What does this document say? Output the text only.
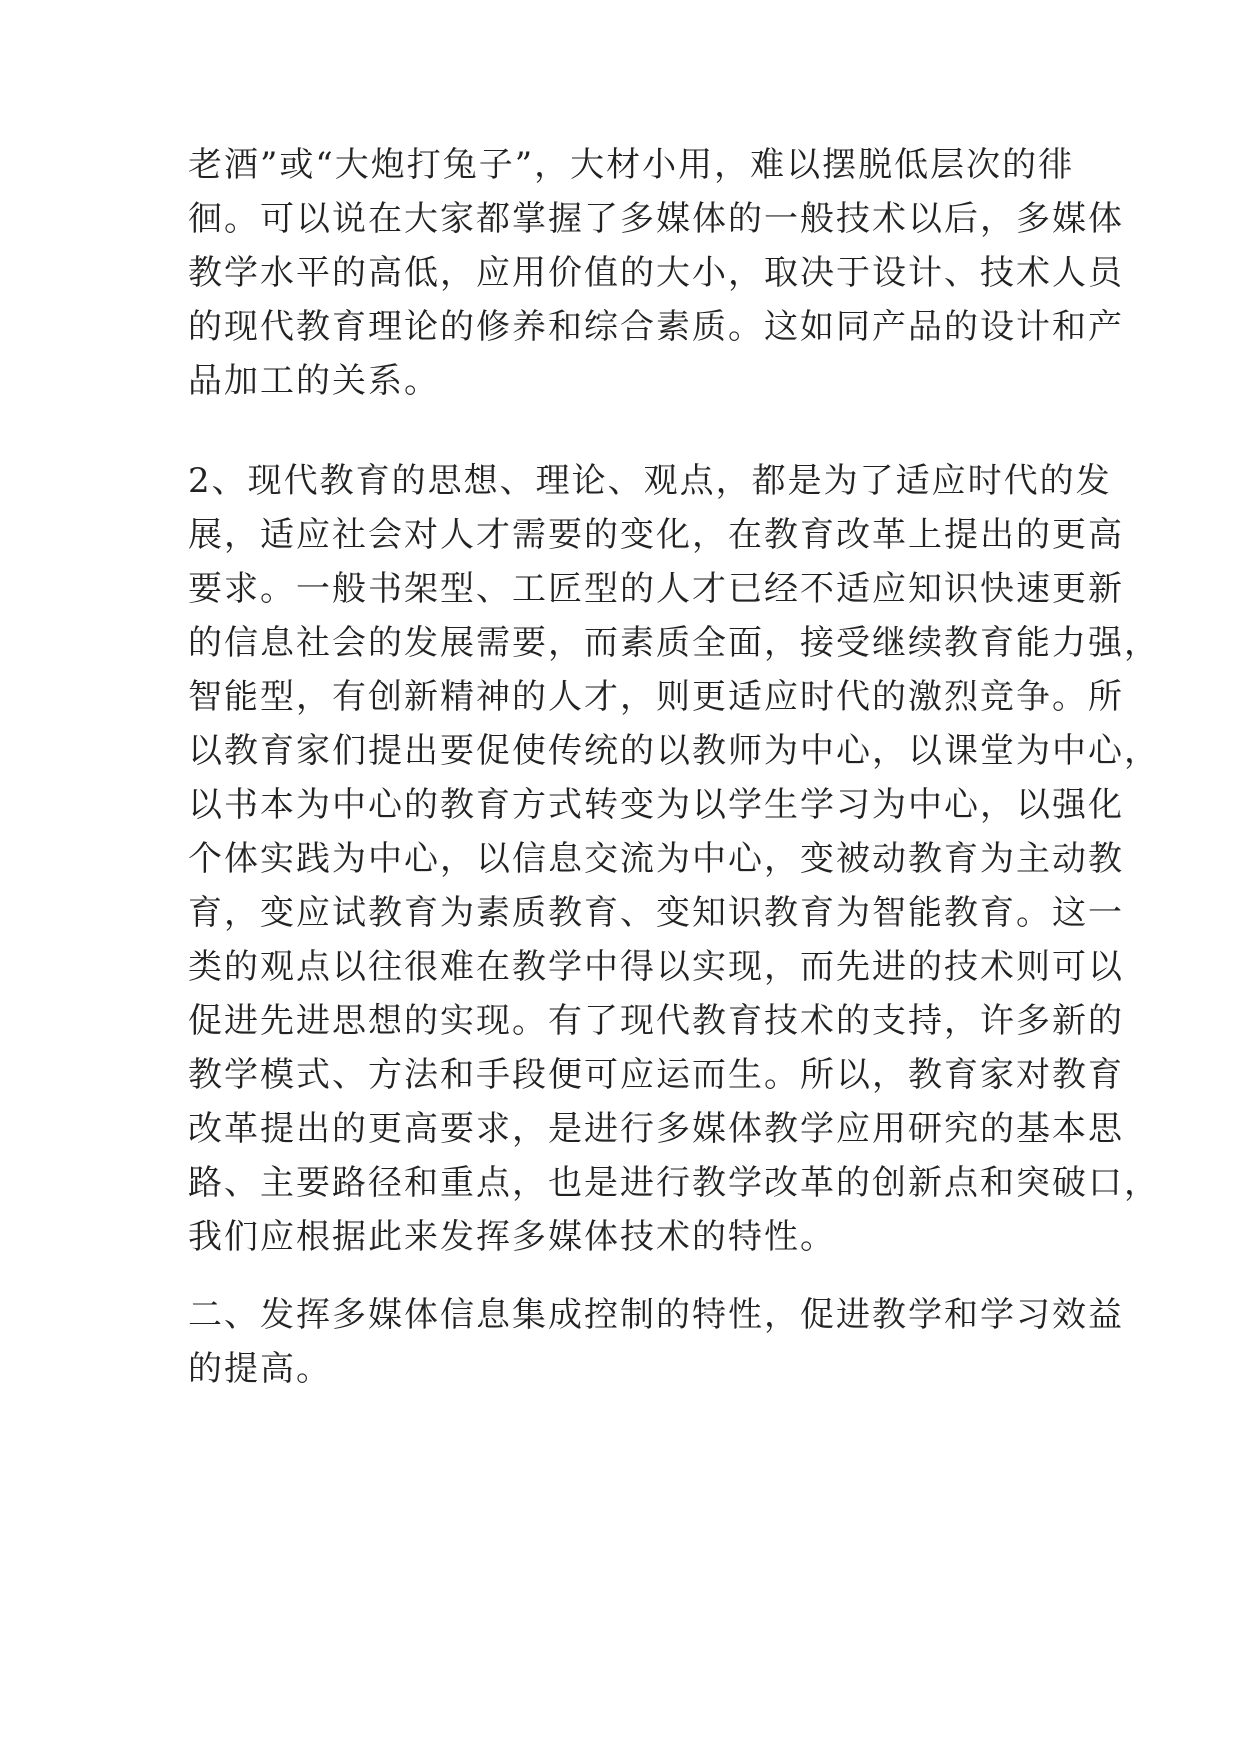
老酒”或“大炮打兔子”，大材小用，难以摆脱低层次的徘
徊。可以说在大家都掌握了多媒体的一般技术以后，多媒体
教学水平的高低，应用价值的大小，取决于设计、技术人员
的现代教育理论的修养和综合素质。这如同产品的设计和产
品加工的关系。
2、现代教育的思想、理论、观点，都是为了适应时代的发
展，适应社会对人才需要的变化，在教育改革上提出的更高
要求。一般书架型、工匠型的人才已经不适应知识快速更新
的信息社会的发展需要，而素质全面，接受继续教育能力强，
智能型，有创新精神的人才，则更适应时代的激烈竞争。所
以教育家们提出要促使传统的以教师为中心，以课堂为中心，
以书本为中心的教育方式转变为以学生学习为中心，以强化
个体实践为中心，以信息交流为中心，变被动教育为主动教
育，变应试教育为素质教育、变知识教育为智能教育。这一
类的观点以往很难在教学中得以实现，而先进的技术则可以
促进先进思想的实现。有了现代教育技术的支持，许多新的
教学模式、方法和手段便可应运而生。所以，教育家对教育
改革提出的更高要求，是进行多媒体教学应用研究的基本思
路、主要路径和重点，也是进行教学改革的创新点和突破口，
我们应根据此来发挥多媒体技术的特性。
二、发挥多媒体信息集成控制的特性，促进教学和学习效益
的提高。
